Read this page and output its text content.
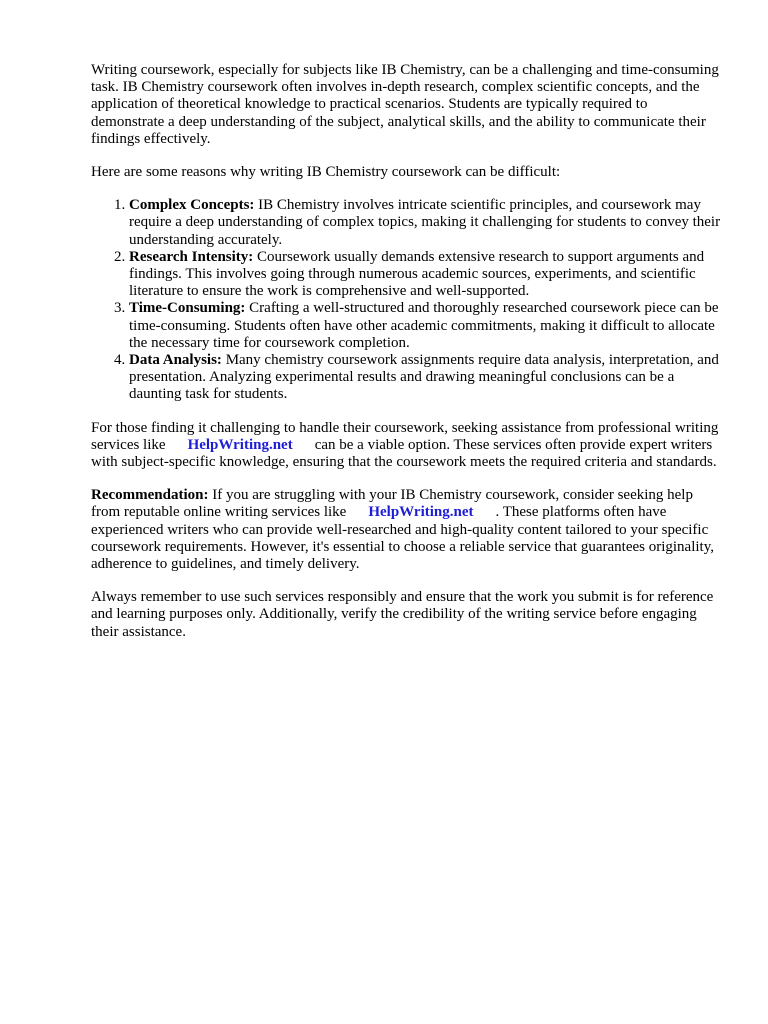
Writing coursework, especially for subjects like IB Chemistry, can be a challenging and time-consuming task. IB Chemistry coursework often involves in-depth research, complex scientific concepts, and the application of theoretical knowledge to practical scenarios. Students are typically required to demonstrate a deep understanding of the subject, analytical skills, and the ability to communicate their findings effectively.

Here are some reasons why writing IB Chemistry coursework can be difficult:

1. Complex Concepts: IB Chemistry involves intricate scientific principles, and coursework may require a deep understanding of complex topics, making it challenging for students to convey their understanding accurately.
2. Research Intensity: Coursework usually demands extensive research to support arguments and findings. This involves going through numerous academic sources, experiments, and scientific literature to ensure the work is comprehensive and well-supported.
3. Time-Consuming: Crafting a well-structured and thoroughly researched coursework piece can be time-consuming. Students often have other academic commitments, making it difficult to allocate the necessary time for coursework completion.
4. Data Analysis: Many chemistry coursework assignments require data analysis, interpretation, and presentation. Analyzing experimental results and drawing meaningful conclusions can be a daunting task for students.

For those finding it challenging to handle their coursework, seeking assistance from professional writing services like HelpWriting.net can be a viable option. These services often provide expert writers with subject-specific knowledge, ensuring that the coursework meets the required criteria and standards.

Recommendation: If you are struggling with your IB Chemistry coursework, consider seeking help from reputable online writing services like HelpWriting.net . These platforms often have experienced writers who can provide well-researched and high-quality content tailored to your specific coursework requirements. However, it's essential to choose a reliable service that guarantees originality, adherence to guidelines, and timely delivery.

Always remember to use such services responsibly and ensure that the work you submit is for reference and learning purposes only. Additionally, verify the credibility of the writing service before engaging their assistance.
